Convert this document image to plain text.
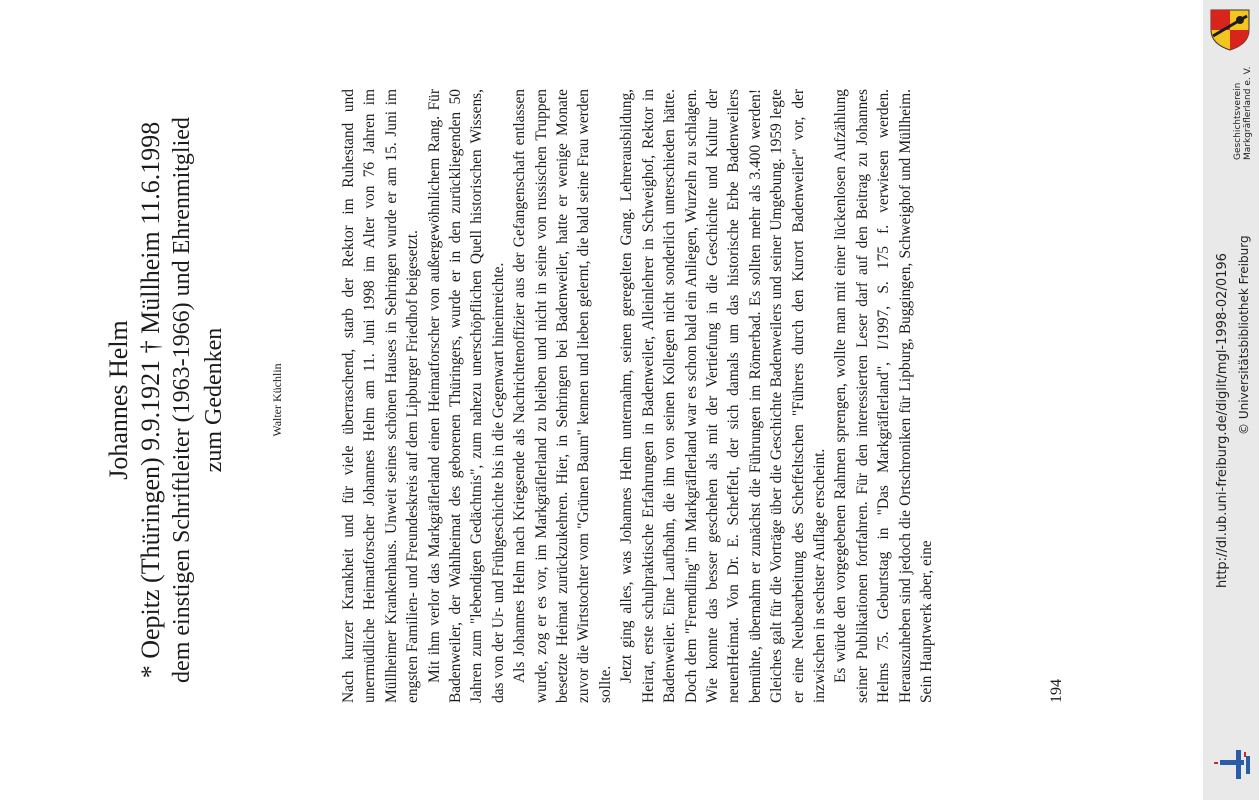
Johannes Helm * Oepitz (Thüringen) 9.9.1921 † Müllheim 11.6.1998 dem einstigen Schriftleiter (1963-1966) und Ehrenmitglied zum Gedenken	Walter Küchlin	Nach kurzer Krankheit und für viele überraschend, starb der Rektor im Ruhestand und unermüdliche Heimatforscher Johannes Helm am 11. Juni 1998 im Alter von 76 Jahren im Müllheimer Krankenhaus. Unweit seines schönen Hauses in Sehringen wurde er am 15. Juni im engsten Familien- und Freundeskreis auf dem Lipburger Friedhof beigesetzt. Mit ihm verlor das Markgräflerland einen Heimatforscher von außergewöhnlichem Rang. Für Badenweiler, der Wahlheimat des geborenen Thüringers, wurde er in den zurückliegenden 50 Jahren zum "lebendigen Gedächtnis", zum nahezu unerschöpflichen Quell historischen Wissens, das von der Ur- und Frühgeschichte bis in die Gegenwart hineinreichte. Als Johannes Helm nach Kriegsende als Nachrichtenoffizier aus der Gefangenschaft entlassen wurde, zog er es vor, im Markgräflerland zu bleiben und nicht in seine von russischen Truppen besetzte Heimat zurückzukehren. Hier, in Sehringen bei Badenweiler, hatte er wenige Monate zuvor die Wirtstochter vom "Grünen Baum" kennen und lieben gelernt, die bald seine Frau werden sollte.

Jetzt ging alles, was Johannes Helm unternahm, seinen geregelten Gang. Lehrerausbildung, Heirat, erste schulpraktische Erfahrungen in Badenweiler, Alleinlehrer in Schweighof, Rektor in Badenweiler. Eine Laufbahn, die ihn von seinen Kollegen nicht sonderlich unterschieden hätte. Doch dem "Fremdling" im Markgräflerland war es schon bald ein Anliegen, Wurzeln zu schlagen. Wie konnte das besser geschehen als mit der Vertiefung in die Geschichte und Kultur der neuenHeimat. Von Dr. E. Scheffelt, der sich damals um das historische Erbe Badenweilers bemühte, übernahm er zunächst die Führungen im Römerbad. Es sollten mehr als 3.400 werden! Gleiches galt für die Vorträge über die Geschichte Badenweilers und seiner Umgebung. 1959 legte er eine Neubearbeitung des Scheffeltschen "Führers durch den Kurort Badenweiler" vor, der inzwischen in sechster Auflage erscheint. Es würde den vorgegebenen Rahmen sprengen, wollte man mit einer lückenlosen Aufzählung seiner Publikationen fortfahren. Für den interessierten Leser darf auf den Beitrag zu Johannes Helms 75. Geburtstag in "Das Markgräflerland", I/1997, S. 175 f. verwiesen werden. Herauszuheben sind jedoch die Ortschroniken für Lipburg, Buggingen, Schweighof und Müllheim. Sein Hauptwerk aber, eine	194
http://dl.ub.uni-freiburg.de/diglit/mgl-1998-02/0196 © Universitätsbibliothek Freiburg
Geschichtsverein Markgräflerland e. V.
